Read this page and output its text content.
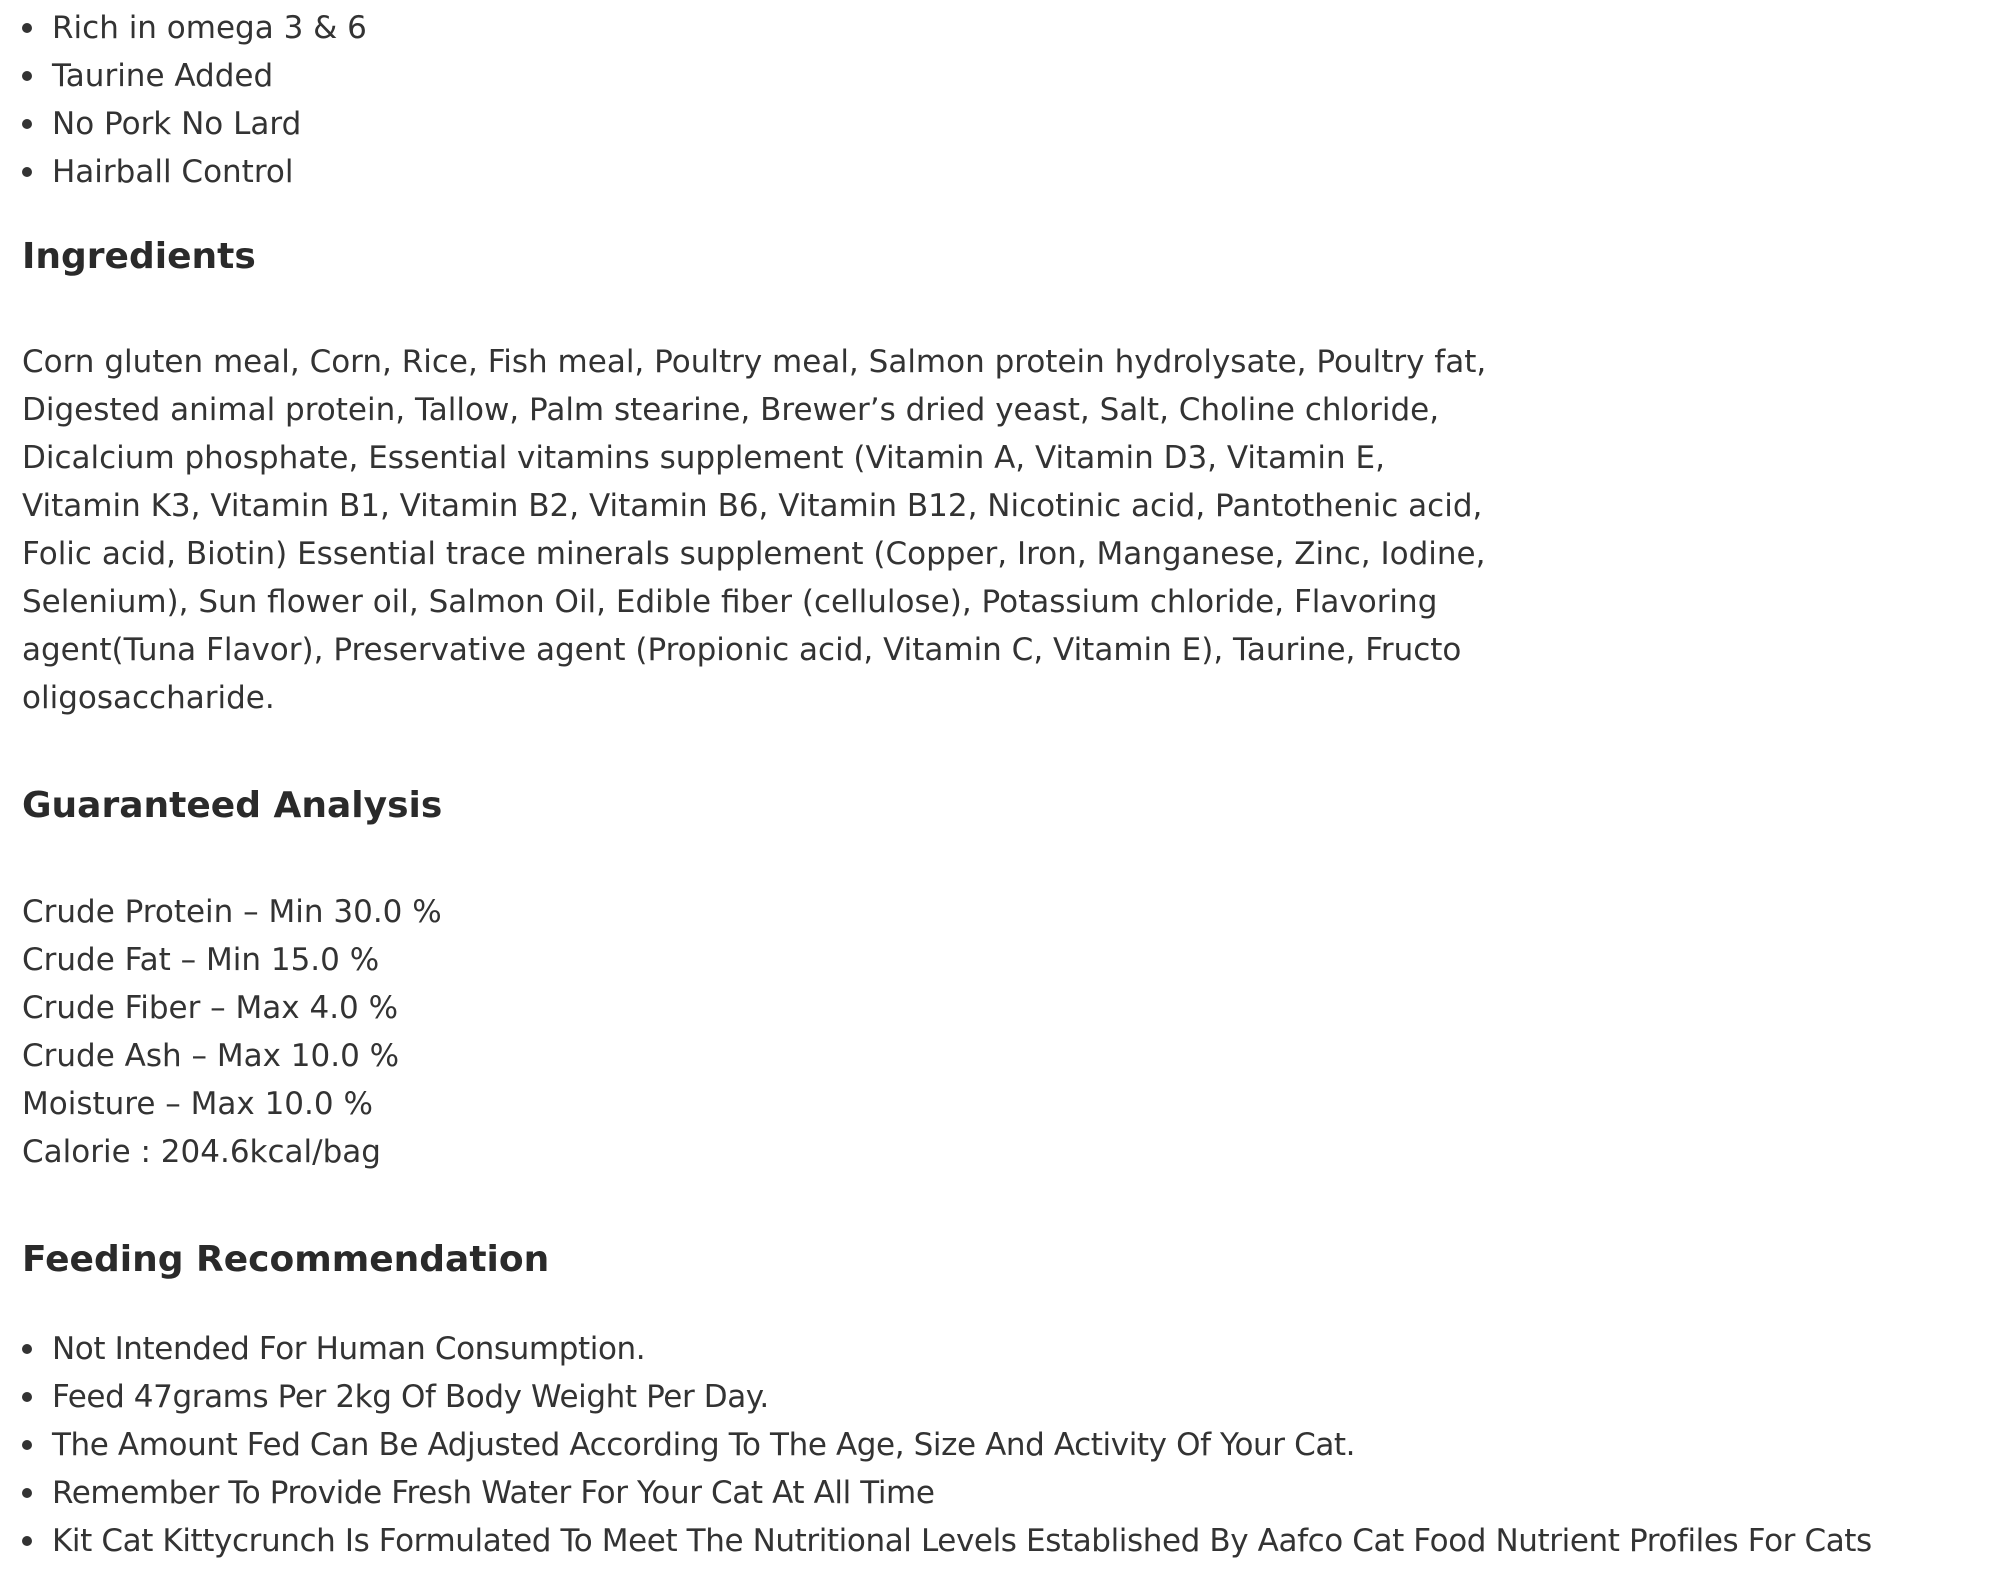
Rich in omega 3 & 6
Taurine Added
No Pork No Lard
Hairball Control
Ingredients

Corn gluten meal, Corn, Rice, Fish meal, Poultry meal, Salmon protein hydrolysate, Poultry fat, Digested animal protein, Tallow, Palm stearine, Brewer’s dried yeast, Salt, Choline chloride, Dicalcium phosphate, Essential vitamins supplement (Vitamin A, Vitamin D3, Vitamin E, Vitamin K3, Vitamin B1, Vitamin B2, Vitamin B6, Vitamin B12, Nicotinic acid, Pantothenic acid, Folic acid, Biotin) Essential trace minerals supplement (Copper, Iron, Manganese, Zinc, Iodine, Selenium), Sun flower oil, Salmon Oil, Edible fiber (cellulose), Potassium chloride, Flavoring agent(Tuna Flavor), Preservative agent (Propionic acid, Vitamin C, Vitamin E), Taurine, Fructo oligosaccharide.

Guaranteed Analysis
Crude Protein – Min 30.0 %
Crude Fat – Min 15.0 %
Crude Fiber – Max 4.0 %
Crude Ash – Max 10.0 %
Moisture – Max 10.0 %
Calorie : 204.6kcal/bag
Feeding Recommendation
Not Intended For Human Consumption.
Feed 47grams Per 2kg Of Body Weight Per Day.
The Amount Fed Can Be Adjusted According To The Age, Size And Activity Of Your Cat.
Remember To Provide Fresh Water For Your Cat At All Time
Kit Cat Kittycrunch Is Formulated To Meet The Nutritional Levels Established By Aafco Cat Food Nutrient Profiles For Cats
